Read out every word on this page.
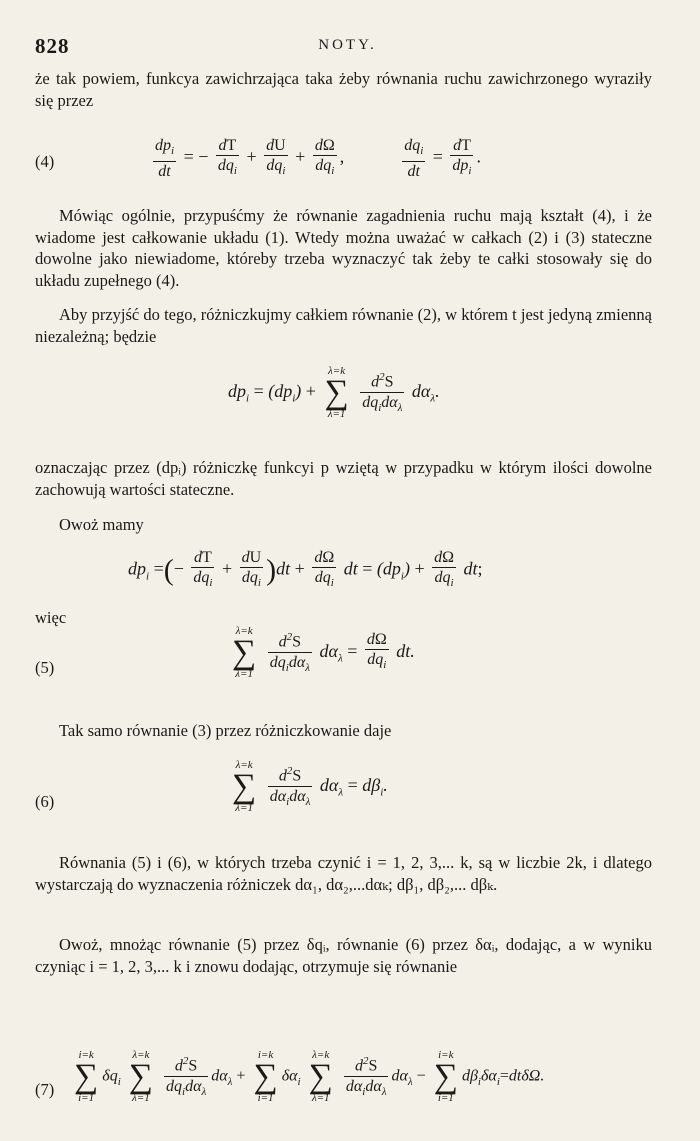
828	NOTY.
że tak powiem, funkcya zawichrzająca taka żeby równania ruchu zawichrzonego wyraziły się przez
(4)	$\frac{dp_i}{dt}$ = − $\frac{dT}{dq_i} + \frac{dU}{dq_i} + \frac{d\Omega}{dq_i}$ ,	$\frac{dq_i}{dt} = \frac{dT}{dp_i}$ .
Mówiąc ogólnie, przypuśćmy że równanie zagadnienia ruchu mają kształt (4), i że wiadome jest całkowanie układu (1). Wtedy można uważać w całkach (2) i (3) stateczne dowolne jako niewiadome, któreby trzeba wyznaczyć tak żeby te całki stosowały się do układu zupełnego (4).
Aby przyjść do tego, różniczkujmy całkiem równanie (2), w którem t jest jedyną zmienną niezależną; będzie
$dp_i = (dp_i)$ +
λ=k
∑
λ=1
$\frac{d^2S}{dq_id\alpha_\lambda} d\alpha_\lambda$.
oznaczając przez (dpᵢ) różniczkę funkcyi p wziętą w przypadku w którym ilości dowolne zachowują wartości stateczne.
Owoż mamy
$dp_i$ =(− $\frac{dT}{dq_i} + \frac{dU}{dq_i} )dt + \frac{d\Omega}{dq_i}$ dt = $(dp_i) + \frac{d\Omega}{dq_i}$ dt;
więc
(5)
λ=k
∑
λ=1
$\frac{d^2S}{dq_id\alpha_\lambda} d\alpha_\lambda = \frac{d\Omega}{dq_i}$ dt.
Tak samo równanie (3) przez różniczkowanie daje
(6)
λ=k
∑
λ=1
$\frac{d^2S}{d\alpha_id\alpha_\lambda} d\alpha_\lambda = d\beta_i$.
Równania (5) i (6), w których trzeba czynić i = 1, 2, 3,... k, są w liczbie 2k, i dlatego wystarczają do wyznaczenia różniczek dα₁, dα₂,...dαₖ; dβ₁, dβ₂,... dβₖ.
Owoż, mnożąc równanie (5) przez δqᵢ, równanie (6) przez δαᵢ, dodając, a w wyniku czyniąc i = 1, 2, 3,... k i znowu dodając, otrzymuje się równanie
(7)
i=k
∑
i=1
$\delta q_i$
λ=k
∑
λ=1
$\frac{d^2S}{dq_id\alpha_\lambda} d\alpha_\lambda$ +
i=k
∑
i=1
$\delta\alpha_i$
λ=k
∑
λ=1
$\frac{d^2S}{d\alpha_id\alpha_\lambda} d\alpha_\lambda$ −
i=k
∑
i=1
$d\beta_i\delta\alpha_i=dt\delta\Omega$.
